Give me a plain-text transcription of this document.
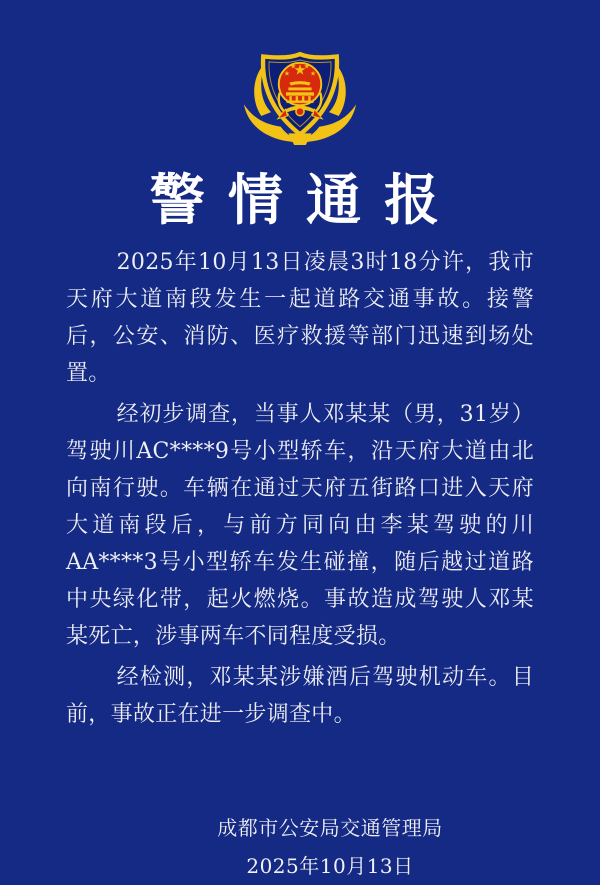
警情通报

2025年10月13日凌晨3时18分许，我市天府大道南段发生一起道路交通事故。接警后，公安、消防、医疗救援等部门迅速到场处置。

经初步调查，当事人邓某某（男，31岁）驾驶川AC****9号小型轿车，沿天府大道由北向南行驶。车辆在通过天府五街路口进入天府大道南段后，与前方同向由李某驾驶的川AA****3号小型轿车发生碰撞，随后越过道路中央绿化带，起火燃烧。事故造成驾驶人邓某某死亡，涉事两车不同程度受损。

经检测，邓某某涉嫌酒后驾驶机动车。目前，事故正在进一步调查中。

成都市公安局交通管理局
2025年10月13日
